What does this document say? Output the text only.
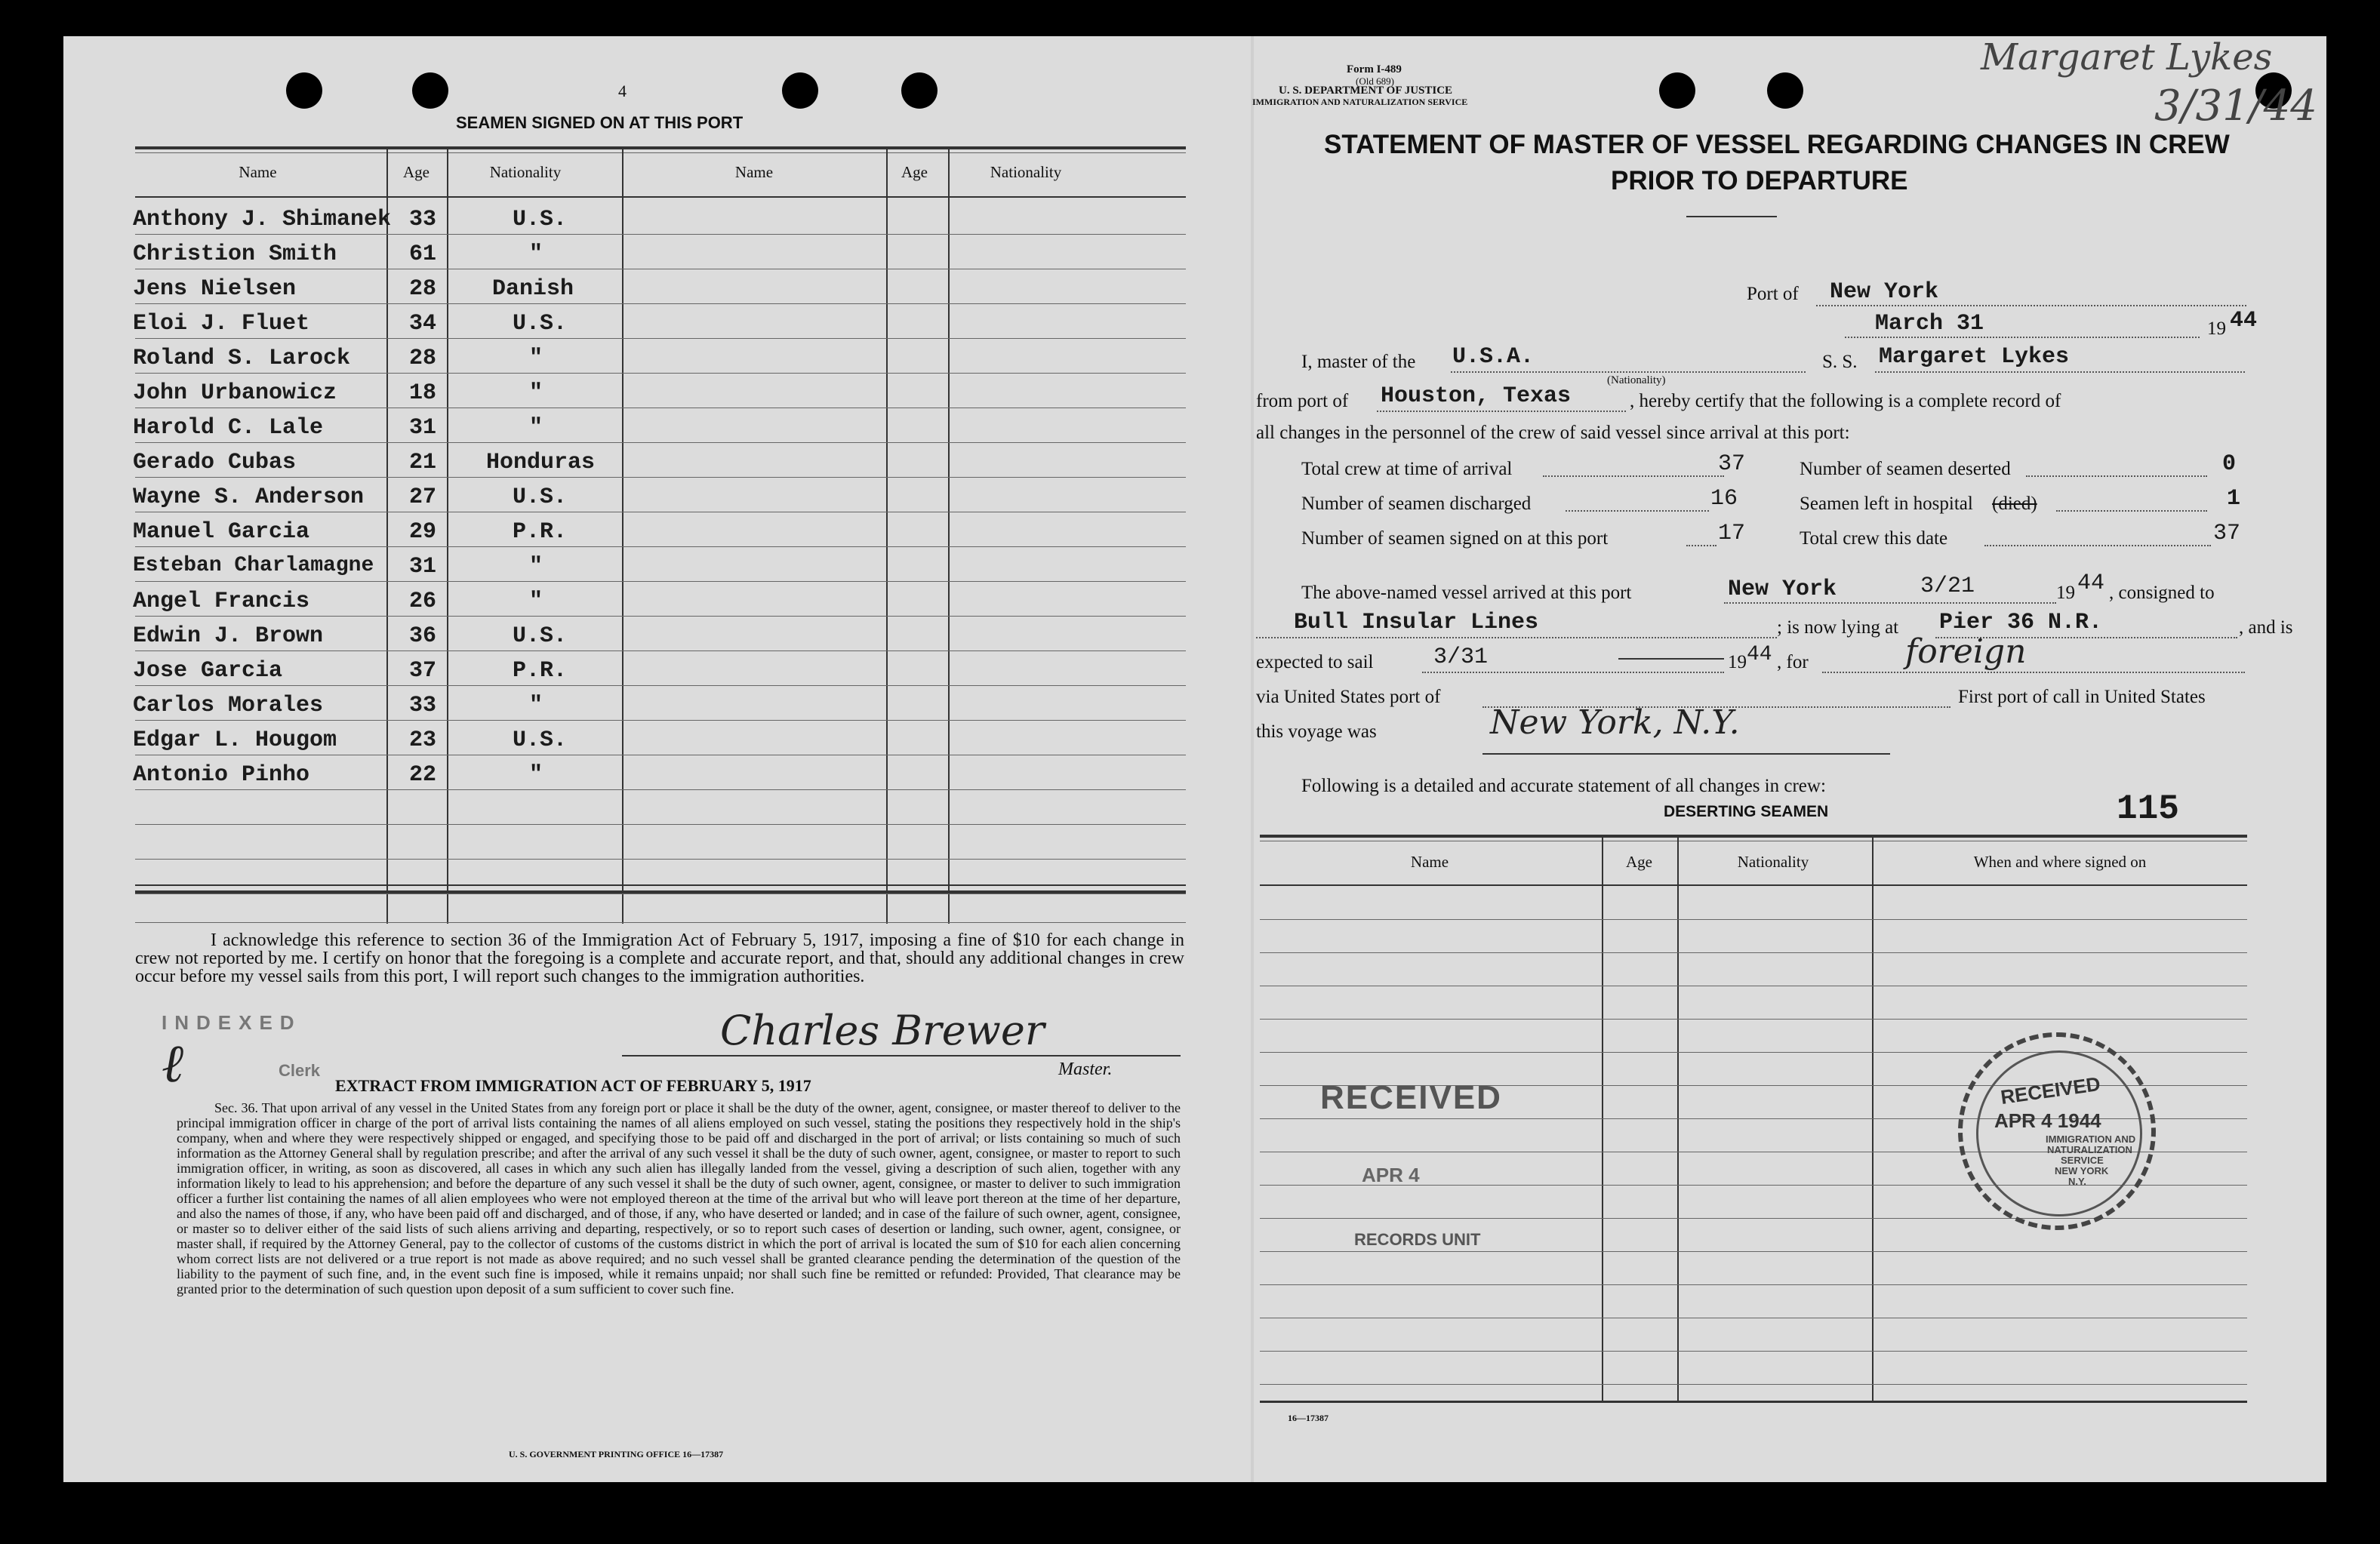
4
SEAMEN SIGNED ON AT THIS PORT
Name	Age	Nationality	Name	Age	Nationality
Anthony J. Shimanek 33	U.S.
Christion Smith	61	"
Jens Nielsen	28 Danish
Eloi J. Fluet	34	U.S.
Roland S. Larock	28	"
John Urbanowicz	18	"
Harold C. Lale	31	"
Gerado Cubas	21 Honduras
Wayne S. Anderson 27	U.S.
Manuel Garcia	29	P.R.
Esteban Charlamagne 31	"
Angel Francis	26	"
Edwin J. Brown	36	U.S.
Jose Garcia	37	P.R.
Carlos Morales	33	"
Edgar L. Hougom	23	U.S.
Antonio Pinho	22	"
I acknowledge this reference to section 36 of the Immigration Act of February 5, 1917, imposing a fine of $10 for each change in crew not reported by me. I certify on honor that the foregoing is a complete and accurate report, and that, should any additional changes in crew occur before my vessel sails from this port, I will report such changes to the immigration authorities.
INDEXED
ℓ	Clerk
Charles Brewer
Master.
EXTRACT FROM IMMIGRATION ACT OF FEBRUARY 5, 1917
Sec. 36. That upon arrival of any vessel in the United States from any foreign port or place it shall be the duty of the owner, agent, consignee, or master thereof to deliver to the principal immigration officer in charge of the port of arrival lists containing the names of all aliens employed on such vessel, stating the positions they respectively hold in the ship's company, when and where they were respectively shipped or engaged, and specifying those to be paid off and discharged in the port of arrival; or lists containing so much of such information as the Attorney General shall by regulation prescribe; and after the arrival of any such vessel it shall be the duty of such owner, agent, consignee, or master to report to such immigration officer, in writing, as soon as discovered, all cases in which any such alien has illegally landed from the vessel, giving a description of such alien, together with any information likely to lead to his apprehension; and before the departure of any such vessel it shall be the duty of such owner, agent, consignee, or master to deliver to such immigration officer a further list containing the names of all alien employees who were not employed thereon at the time of the arrival but who will leave port thereon at the time of her departure, and also the names of those, if any, who have been paid off and discharged, and of those, if any, who have deserted or landed; and in case of the failure of such owner, agent, consignee, or master so to deliver either of the said lists of such aliens arriving and departing, respectively, or so to report such cases of desertion or landing, such owner, agent, consignee, or master shall, if required by the Attorney General, pay to the collector of customs of the customs district in which the port of arrival is located the sum of $10 for each alien concerning whom correct lists are not delivered or a true report is not made as above required; and no such vessel shall be granted clearance pending the determination of the question of the liability to the payment of such fine, and, in the event such fine is imposed, while it remains unpaid; nor shall such fine be remitted or refunded: Provided, That clearance may be granted prior to the determination of such question upon deposit of a sum sufficient to cover such fine.
U. S. GOVERNMENT PRINTING OFFICE 16—17387
Form I-489
(Old 689)
U. S. DEPARTMENT OF JUSTICE
IMMIGRATION AND NATURALIZATION SERVICE
Margaret Lykes
3/31/44
STATEMENT OF MASTER OF VESSEL REGARDING CHANGES IN CREW
PRIOR TO DEPARTURE
Port of New York
March 31	19 44
I, master of the U.S.A.
(Nationality)
S. S. Margaret Lykes
from port of Houston, Texas	, hereby certify that the following is a complete record of
all changes in the personnel of the crew of said vessel since arrival at this port:
Total crew at time of arrival	37	Number of seamen deserted	0
Number of seamen discharged	16	Seamen left in hospital (died)	1
Number of seamen signed on at this port	17	Total crew this date	37
The above-named vessel arrived at this port	New York	3/21	19 44 , consigned to
Bull Insular Lines	; is now lying at Pier 36 N.R.	, and is
expected to sail	3/31	19 44 , for	foreign
via United States port of	First port of call in United States
this voyage was	New York, N.Y.
Following is a detailed and accurate statement of all changes in crew:
DESERTING SEAMEN	115
Name	Age	Nationality	When and where signed on
RECEIVED
APR 4
RECORDS UNIT
RECEIVED
APR 4 1944
IMMIGRATION AND
NATURALIZATION
SERVICE
NEW YORK
N.Y.
16—17387
